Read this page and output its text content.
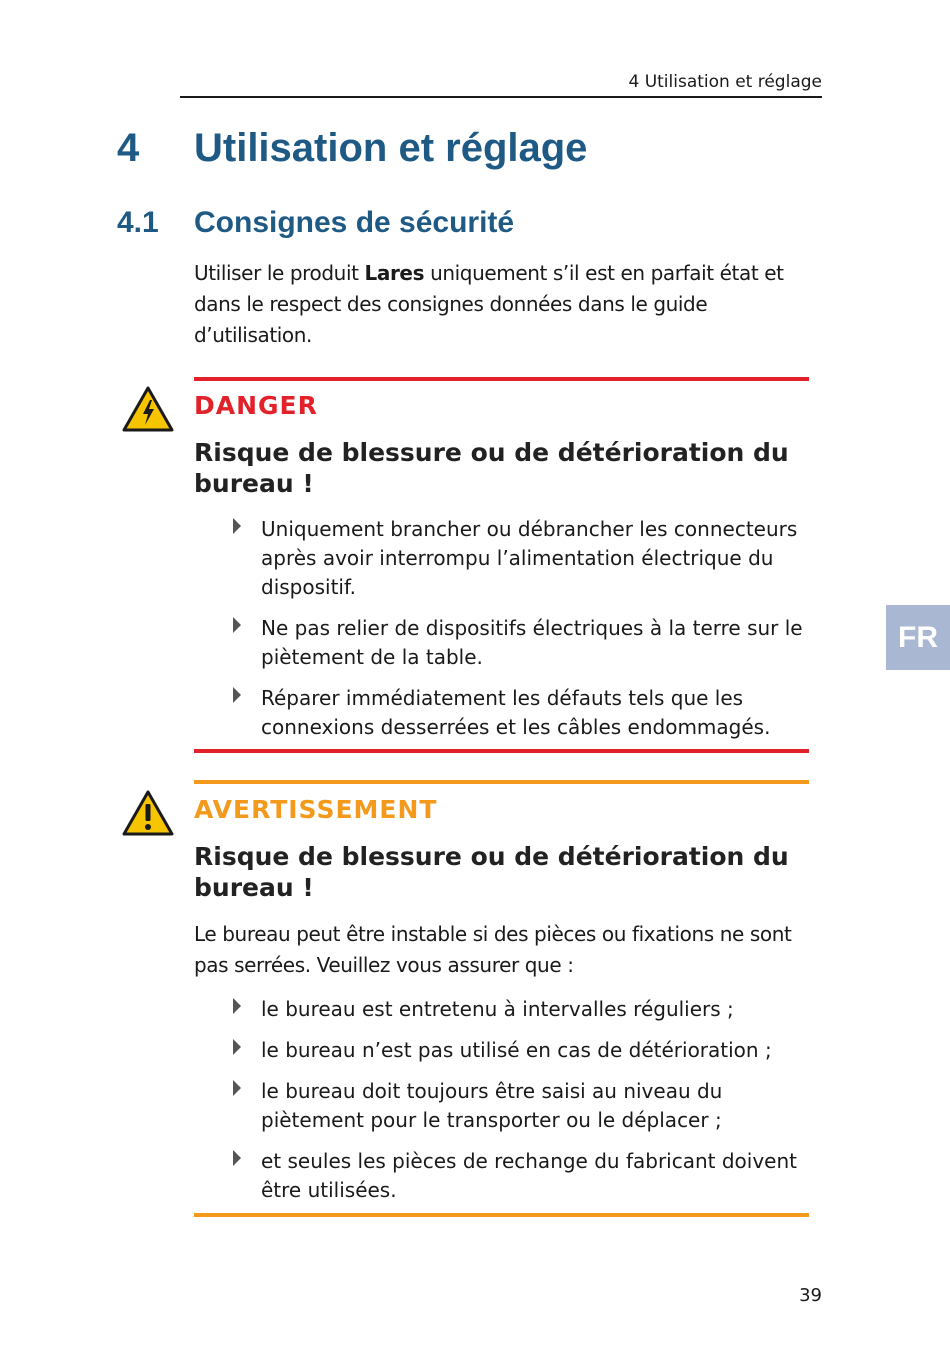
4 Utilisation et réglage
4 Utilisation et réglage
4.1 Consignes de sécurité
Utiliser le produit Lares uniquement s’il est en parfait état et dans le respect des consignes données dans le guide d’utilisation.
DANGER
Risque de blessure ou de détérioration du bureau !
Uniquement brancher ou débrancher les connecteurs après avoir interrompu l’alimentation électrique du dispositif.
Ne pas relier de dispositifs électriques à la terre sur le piètement de la table.
Réparer immédiatement les défauts tels que les connexions desserrées et les câbles endommagés.
AVERTISSEMENT
Risque de blessure ou de détérioration du bureau !
Le bureau peut être instable si des pièces ou fixations ne sont pas serrées. Veuillez vous assurer que :
le bureau est entretenu à intervalles réguliers ;
le bureau n’est pas utilisé en cas de détérioration ;
le bureau doit toujours être saisi au niveau du piètement pour le transporter ou le déplacer ;
et seules les pièces de rechange du fabricant doivent être utilisées.
FR
39
